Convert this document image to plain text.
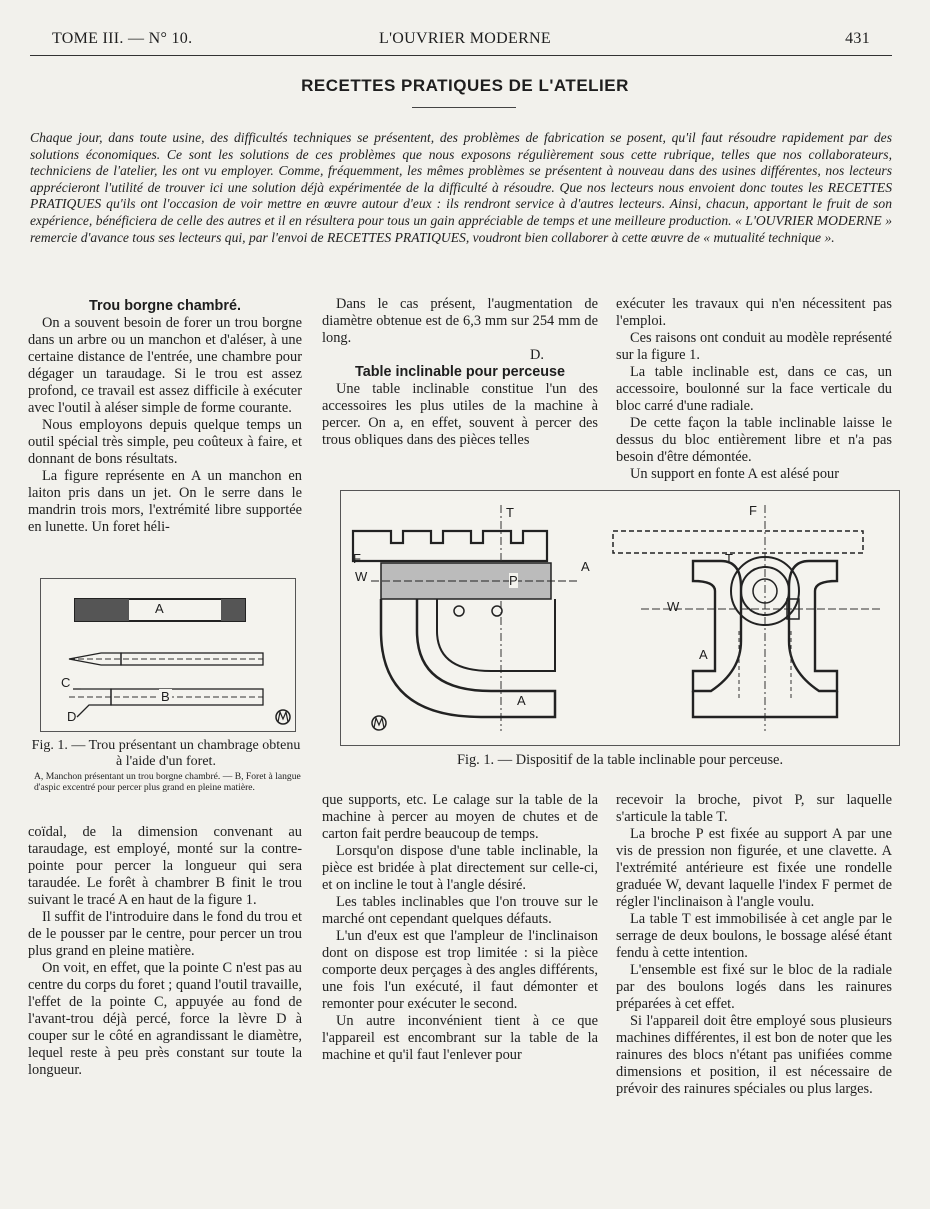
TOME III. — N° 10.	L'OUVRIER MODERNE	431
RECETTES PRATIQUES DE L'ATELIER
Chaque jour, dans toute usine, des difficultés techniques se présentent, des problèmes de fabrication se posent, qu'il faut résoudre rapidement par des solutions économiques. Ce sont les solutions de ces problèmes que nous exposons régulièrement sous cette rubrique, telles que nos collaborateurs, techniciens de l'atelier, les ont vu employer. Comme, fréquemment, les mêmes problèmes se présentent à nouveau dans des usines différentes, nos lecteurs apprécieront l'utilité de trouver ici une solution déjà expérimentée de la difficulté à résoudre. Que nos lecteurs nous envoient donc toutes les RECETTES PRATIQUES qu'ils ont l'occasion de voir mettre en œuvre autour d'eux : ils rendront service à d'autres lecteurs. Ainsi, chacun, apportant le fruit de son expérience, bénéficiera de celle des autres et il en résultera pour tous un gain appréciable de temps et une meilleure production. « L'OUVRIER MODERNE » remercie d'avance tous ses lecteurs qui, par l'envoi de RECETTES PRATIQUES, voudront bien collaborer à cette œuvre de « mutualité technique ».

Trou borgne chambré.

On a souvent besoin de forer un trou borgne dans un arbre ou un manchon et d'aléser, à une certaine distance de l'entrée, une chambre pour dégager un taraudage. Si le trou est assez profond, ce travail est assez difficile à exécuter avec l'outil à aléser simple de forme courante.

Nous employons depuis quelque temps un outil spécial très simple, peu coûteux à faire, et donnant de bons résultats.

La figure représente en A un manchon en laiton pris dans un jet. On le serre dans le mandrin trois mors, l'extrémité libre supportée en lunette. Un foret héli-

A
B
C
D
Fig. 1. — Trou présentant un chambrage obtenu à l'aide d'un foret.
A, Manchon présentant un trou borgne chambré. — B, Foret à langue d'aspic excentré pour percer plus grand en pleine matière.

coïdal, de la dimension convenant au taraudage, est employé, monté sur la contre-pointe pour percer la longueur qui sera taraudée. Le forêt à chambrer B finit le trou suivant le tracé A en haut de la figure 1.

Il suffit de l'introduire dans le fond du trou et de le pousser par le centre, pour percer un trou plus grand en pleine matière.

On voit, en effet, que la pointe C n'est pas au centre du corps du foret ; quand l'outil travaille, l'effet de la pointe C, appuyée au fond de l'avant-trou déjà percé, force la lèvre D à couper sur le côté en agrandissant le diamètre, lequel reste à peu près constant sur toute la longueur.

Dans le cas présent, l'augmentation de diamètre obtenue est de 6,3 mm sur 254 mm de long.

D.

Table inclinable pour perceuse

Une table inclinable constitue l'un des accessoires les plus utiles de la machine à percer. On a, en effet, souvent à percer des trous obliques dans des pièces telles

exécuter les travaux qui n'en nécessitent pas l'emploi.

Ces raisons ont conduit au modèle représenté sur la figure 1.

La table inclinable est, dans ce cas, un accessoire, boulonné sur la face verticale du bloc carré d'une radiale.

De cette façon la table inclinable laisse le dessus du bloc entièrement libre et n'a pas besoin d'être démontée.

Un support en fonte A est alésé pour

T
F
W	P
A
A
F
T
W
A
Fig. 1. — Dispositif de la table inclinable pour perceuse.

que supports, etc. Le calage sur la table de la machine à percer au moyen de chutes et de carton fait perdre beaucoup de temps.

Lorsqu'on dispose d'une table inclinable, la pièce est bridée à plat directement sur celle-ci, et on incline le tout à l'angle désiré.

Les tables inclinables que l'on trouve sur le marché ont cependant quelques défauts.

L'un d'eux est que l'ampleur de l'inclinaison dont on dispose est trop limitée : si la pièce comporte deux perçages à des angles différents, une fois l'un exécuté, il faut démonter et remonter pour exécuter le second.

Un autre inconvénient tient à ce que l'appareil est encombrant sur la table de la machine et qu'il faut l'enlever pour

recevoir la broche, pivot P, sur laquelle s'articule la table T.

La broche P est fixée au support A par une vis de pression non figurée, et une clavette. A l'extrémité antérieure est fixée une rondelle graduée W, devant laquelle l'index F permet de régler l'inclinaison à l'angle voulu.

La table T est immobilisée à cet angle par le serrage de deux boulons, le bossage alésé étant fendu à cette intention.

L'ensemble est fixé sur le bloc de la radiale par des boulons logés dans les rainures préparées à cet effet.

Si l'appareil doit être employé sous plusieurs machines différentes, il est bon de noter que les rainures des blocs n'étant pas unifiées comme dimensions et position, il est nécessaire de prévoir des rainures spéciales ou plus larges.
